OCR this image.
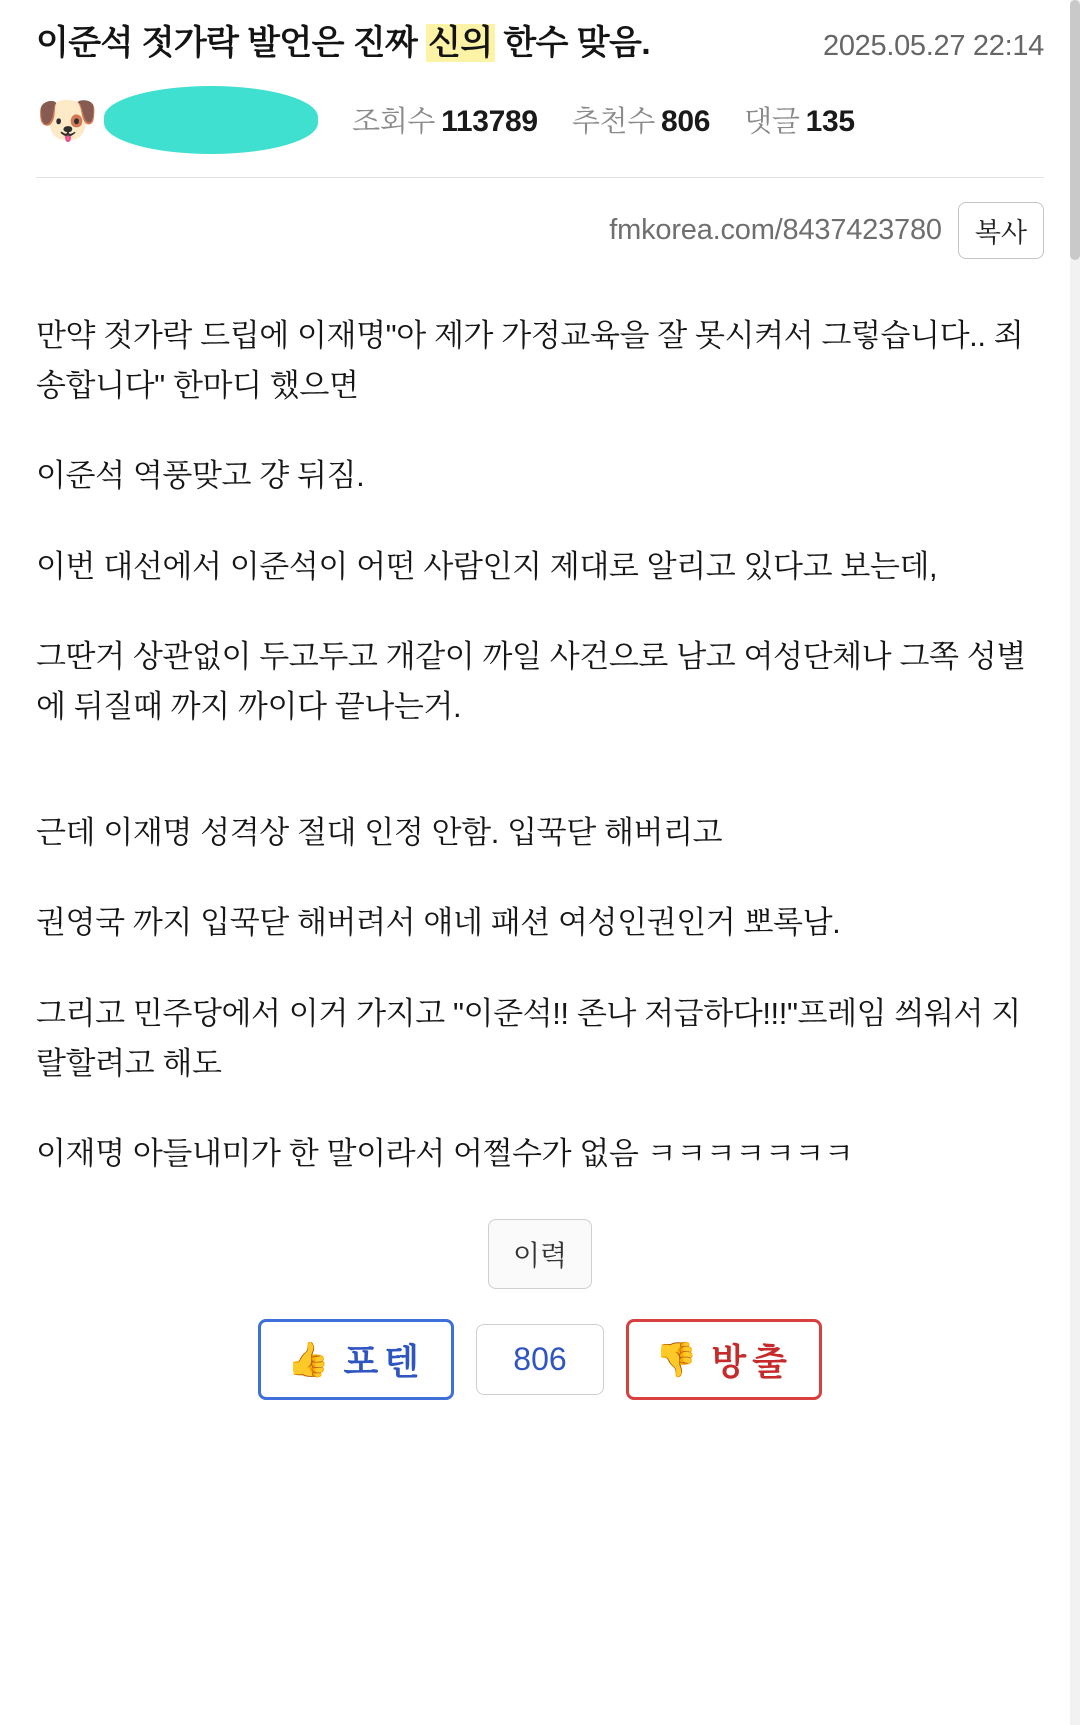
이준석 젓가락 발언은 진짜 신의 한수 맞음.	2025.05.27 22:14
🐶	조회수 113789 추천수 806 댓글 135
fmkorea.com/8437423780	복사

만약 젓가락 드립에 이재명"아 제가 가정교육을 잘 못시켜서 그렇습니다.. 죄송합니다" 한마디 했으면

이준석 역풍맞고 걍 뒤짐.

이번 대선에서 이준석이 어떤 사람인지 제대로 알리고 있다고 보는데,

그딴거 상관없이 두고두고 개같이 까일 사건으로 남고 여성단체나 그쪽 성별에 뒤질때 까지 까이다 끝나는거.

근데 이재명 성격상 절대 인정 안함. 입꾹닫 해버리고

권영국 까지 입꾹닫 해버려서 얘네 패션 여성인권인거 뽀록남.

그리고 민주당에서 이거 가지고 "이준석!! 존나 저급하다!!!"프레임 씌워서 지랄할려고 해도

이재명 아들내미가 한 말이라서 어쩔수가 없음 ㅋㅋㅋㅋㅋㅋㅋ

이력
👍 포텐	806	👎 방출
